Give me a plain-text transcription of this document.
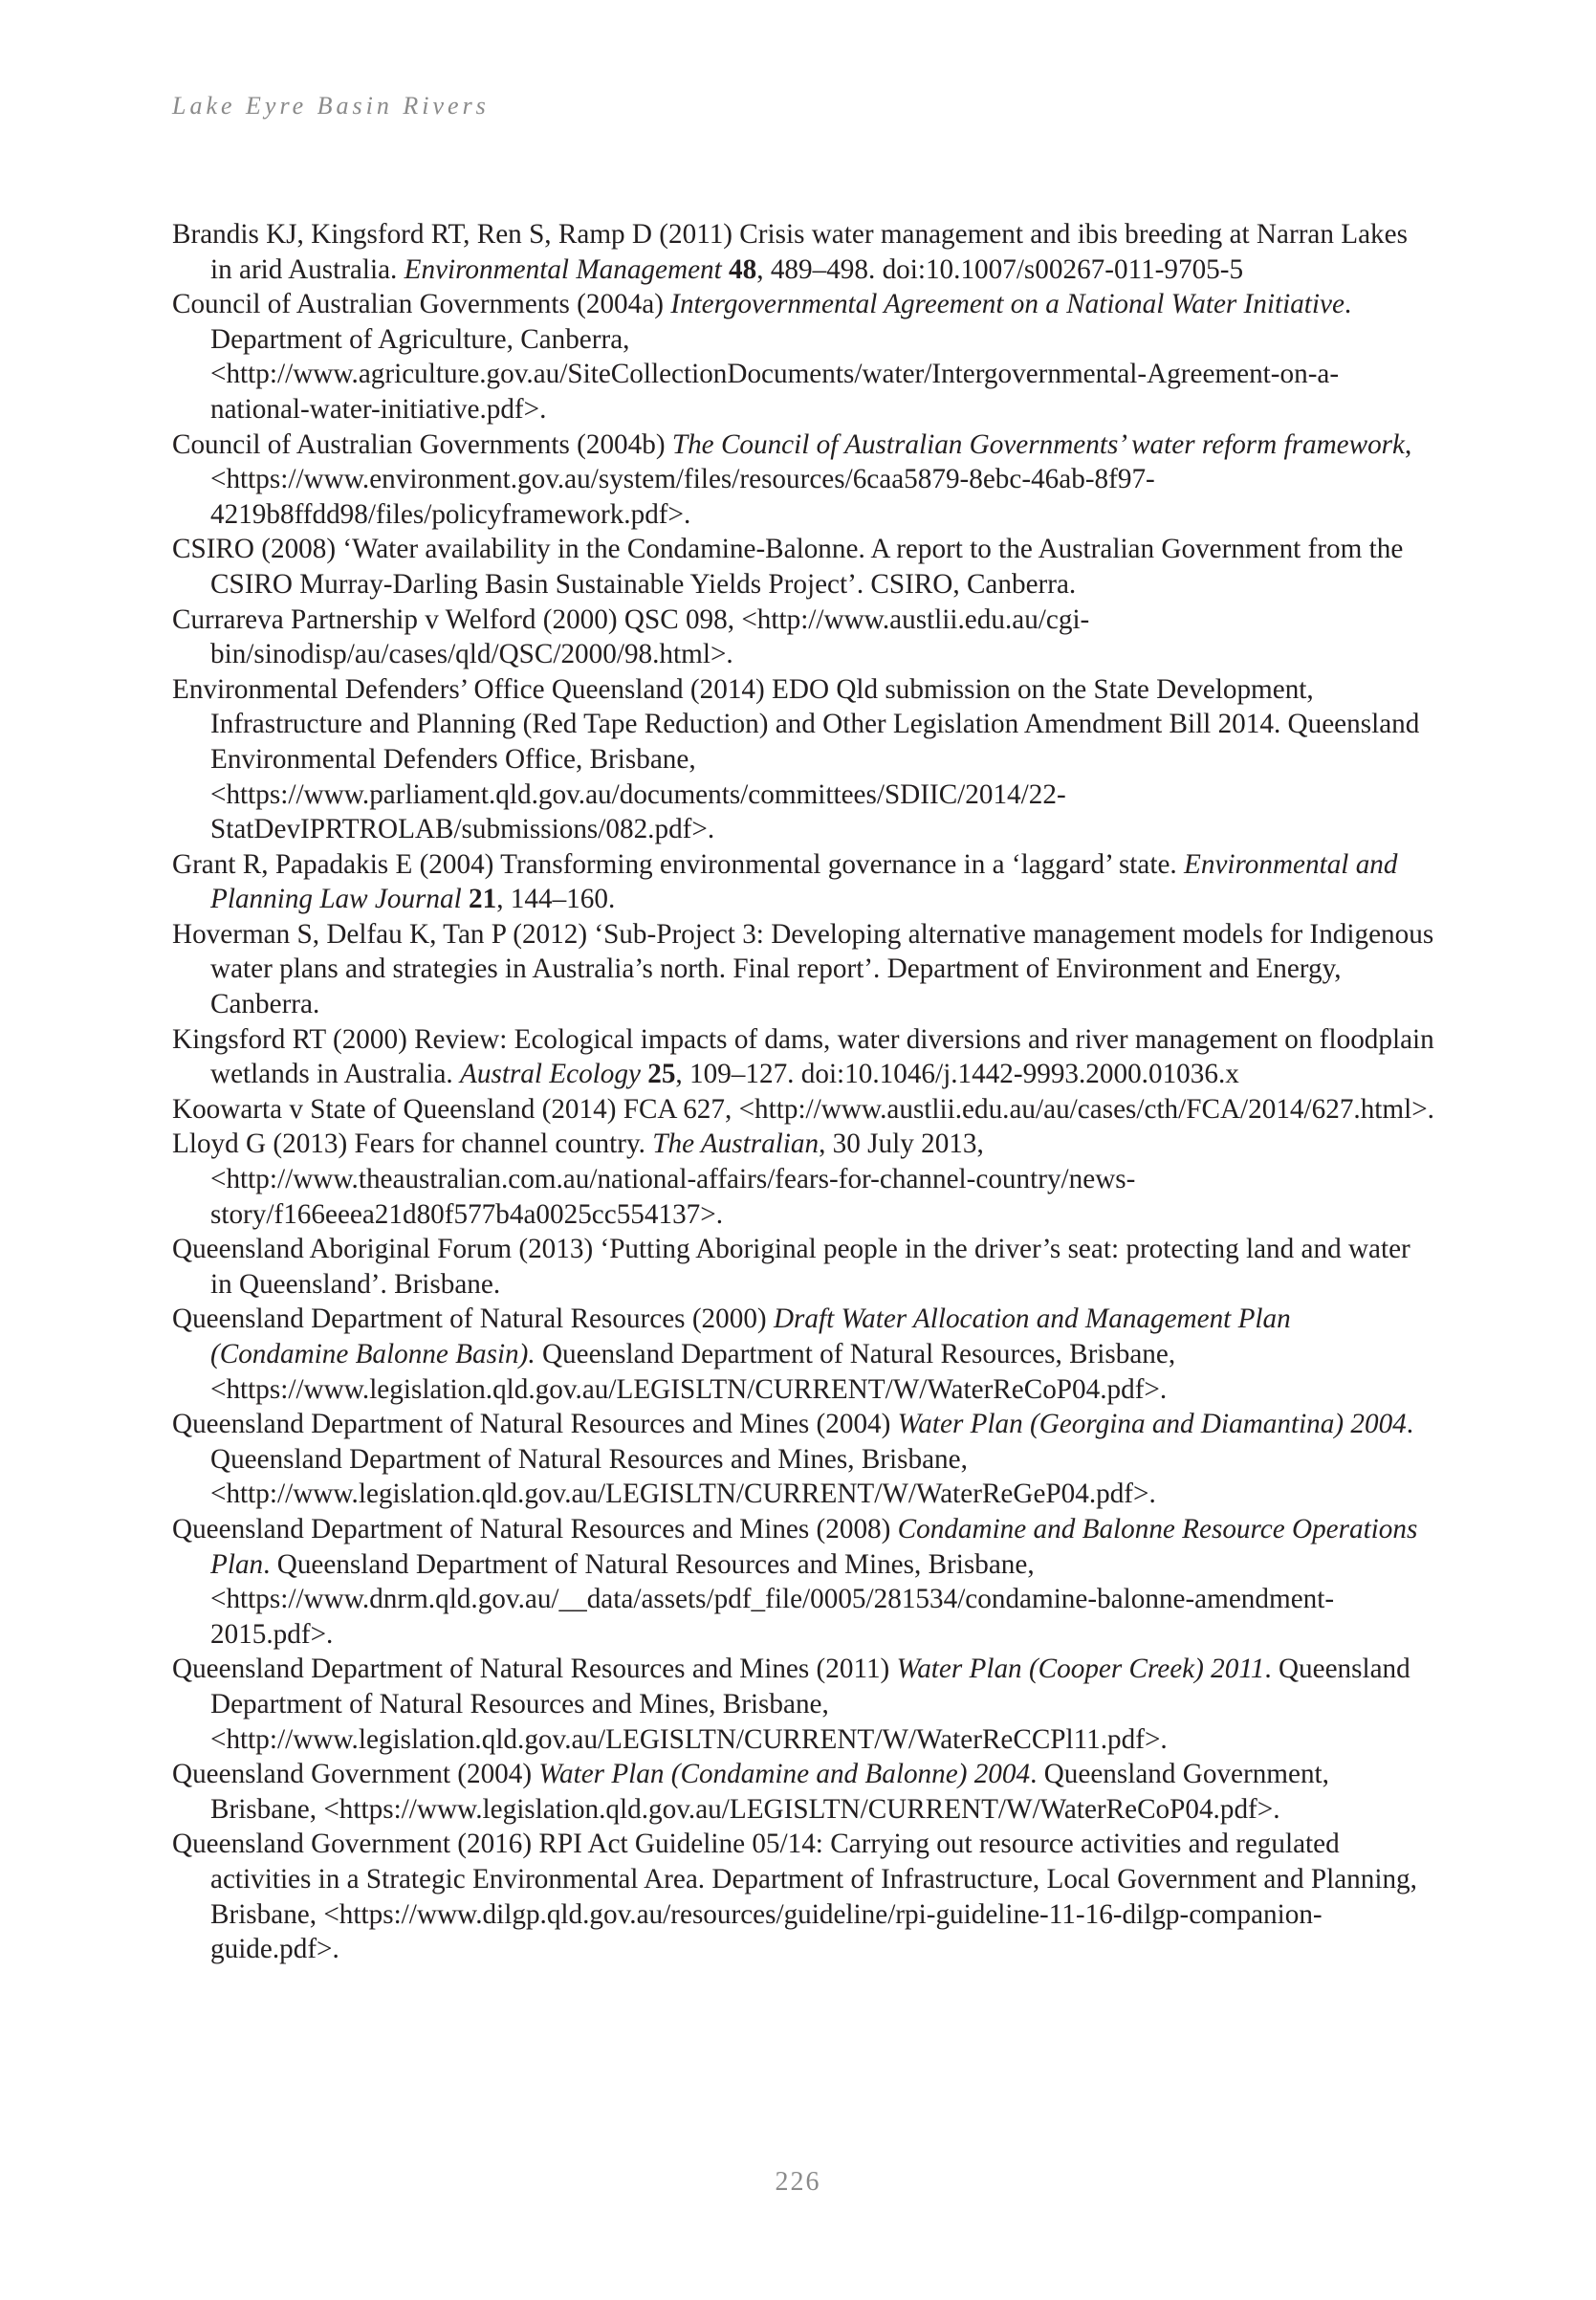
Lake Eyre Basin Rivers

Brandis KJ, Kingsford RT, Ren S, Ramp D (2011) Crisis water management and ibis breeding at Narran Lakes in arid Australia. Environmental Management 48, 489–498. doi:10.1007/s00267-011-9705-5

Council of Australian Governments (2004a) Intergovernmental Agreement on a National Water Initiative. Department of Agriculture, Canberra, <http://www.agriculture.gov.au/SiteCollectionDocuments/water/Intergovernmental-Agreement-on-a-national-water-initiative.pdf>.

Council of Australian Governments (2004b) The Council of Australian Governments’ water reform framework, <https://www.environment.gov.au/system/files/resources/6caa5879-8ebc-46ab-8f97-4219b8ffdd98/files/policyframework.pdf>.

CSIRO (2008) ‘Water availability in the Condamine-Balonne. A report to the Australian Government from the CSIRO Murray-Darling Basin Sustainable Yields Project’. CSIRO, Canberra.

Currareva Partnership v Welford (2000) QSC 098, <http://www.austlii.edu.au/cgi-bin/sinodisp/au/cases/qld/QSC/2000/98.html>.

Environmental Defenders’ Office Queensland (2014) EDO Qld submission on the State Development, Infrastructure and Planning (Red Tape Reduction) and Other Legislation Amendment Bill 2014. Queensland Environmental Defenders Office, Brisbane, <https://www.parliament.qld.gov.au/documents/committees/SDIIC/2014/22-StatDevIPRTROLAB/submissions/082.pdf>.

Grant R, Papadakis E (2004) Transforming environmental governance in a ‘laggard’ state. Environmental and Planning Law Journal 21, 144–160.

Hoverman S, Delfau K, Tan P (2012) ‘Sub-Project 3: Developing alternative management models for Indigenous water plans and strategies in Australia’s north. Final report’. Department of Environment and Energy, Canberra.

Kingsford RT (2000) Review: Ecological impacts of dams, water diversions and river management on floodplain wetlands in Australia. Austral Ecology 25, 109–127. doi:10.1046/j.1442-9993.2000.01036.x

Koowarta v State of Queensland (2014) FCA 627, <http://www.austlii.edu.au/au/cases/cth/FCA/2014/627.html>.

Lloyd G (2013) Fears for channel country. The Australian, 30 July 2013, <http://www.theaustralian.com.au/national-affairs/fears-for-channel-country/news-story/f166eeea21d80f577b4a0025cc554137>.

Queensland Aboriginal Forum (2013) ‘Putting Aboriginal people in the driver’s seat: protecting land and water in Queensland’. Brisbane.

Queensland Department of Natural Resources (2000) Draft Water Allocation and Management Plan (Condamine Balonne Basin). Queensland Department of Natural Resources, Brisbane, <https://www.legislation.qld.gov.au/LEGISLTN/CURRENT/W/WaterReCoP04.pdf>.

Queensland Department of Natural Resources and Mines (2004) Water Plan (Georgina and Diamantina) 2004. Queensland Department of Natural Resources and Mines, Brisbane, <http://www.legislation.qld.gov.au/LEGISLTN/CURRENT/W/WaterReGeP04.pdf>.

Queensland Department of Natural Resources and Mines (2008) Condamine and Balonne Resource Operations Plan. Queensland Department of Natural Resources and Mines, Brisbane, <https://www.dnrm.qld.gov.au/__data/assets/pdf_file/0005/281534/condamine-balonne-amendment-2015.pdf>.

Queensland Department of Natural Resources and Mines (2011) Water Plan (Cooper Creek) 2011. Queensland Department of Natural Resources and Mines, Brisbane, <http://www.legislation.qld.gov.au/LEGISLTN/CURRENT/W/WaterReCCPl11.pdf>.

Queensland Government (2004) Water Plan (Condamine and Balonne) 2004. Queensland Government, Brisbane, <https://www.legislation.qld.gov.au/LEGISLTN/CURRENT/W/WaterReCoP04.pdf>.

Queensland Government (2016) RPI Act Guideline 05/14: Carrying out resource activities and regulated activities in a Strategic Environmental Area. Department of Infrastructure, Local Government and Planning, Brisbane, <https://www.dilgp.qld.gov.au/resources/guideline/rpi-guideline-11-16-dilgp-companion-guide.pdf>.

226
